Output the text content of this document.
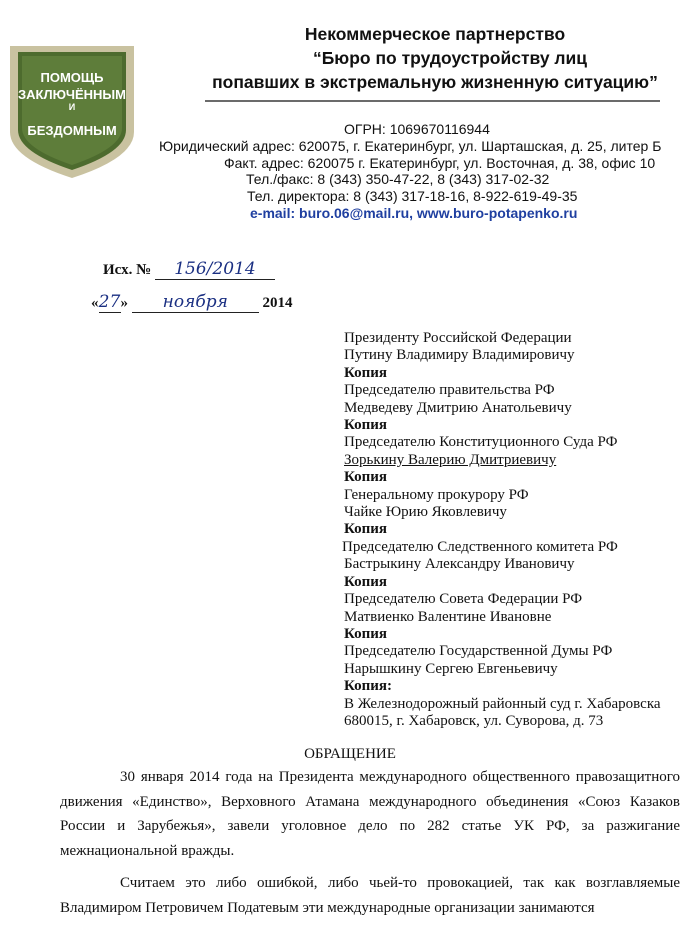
ПОМОЩЬ
ЗАКЛЮЧЁННЫМ
И
БЕЗДОМНЫМ
Некоммерческое партнерство
“Бюро по трудоустройству лиц
попавших в экстремальную жизненную ситуацию”
ОГРН: 1069670116944
Юридический адрес: 620075, г. Екатеринбург, ул. Шарташская, д. 25, литер Б
Факт. адрес: 620075 г. Екатеринбург, ул. Восточная, д. 38, офис 10
Тел./факс: 8 (343) 350-47-22, 8 (343) 317-02-32
Тел. директора: 8 (343) 317-18-16, 8-922-619-49-35
e-mail: buro.06@mail.ru, www.buro-potapenko.ru
Исх. № 156/2014
«27» ноября 2014
Президенту Российской Федерации
Путину Владимиру Владимировичу
Копия
Председателю правительства РФ
Медведеву Дмитрию Анатольевичу
Копия
Председателю Конституционного Суда РФ
Зорькину Валерию Дмитриевичу
Копия
Генеральному прокурору РФ
Чайке Юрию Яковлевичу
Копия
Председателю Следственного комитета РФ
Бастрыкину Александру Ивановичу
Копия
Председателю Совета Федерации РФ
Матвиенко Валентине Ивановне
Копия
Председателю Государственной Думы РФ
Нарышкину Сергею Евгеньевичу
Копия:
В Железнодорожный районный суд г. Хабаровска
680015, г. Хабаровск, ул. Суворова, д. 73
ОБРАЩЕНИЕ

30 января 2014 года на Президента международного общественного правозащитного движения «Единство», Верховного Атамана международного объединения «Союз Казаков России и Зарубежья», завели уголовное дело по 282 статье УК РФ, за разжигание межнациональной вражды.

Считаем это либо ошибкой, либо чьей-то провокацией, так как возглавляемые Владимиром Петровичем Податевым эти международные организации занимаются
